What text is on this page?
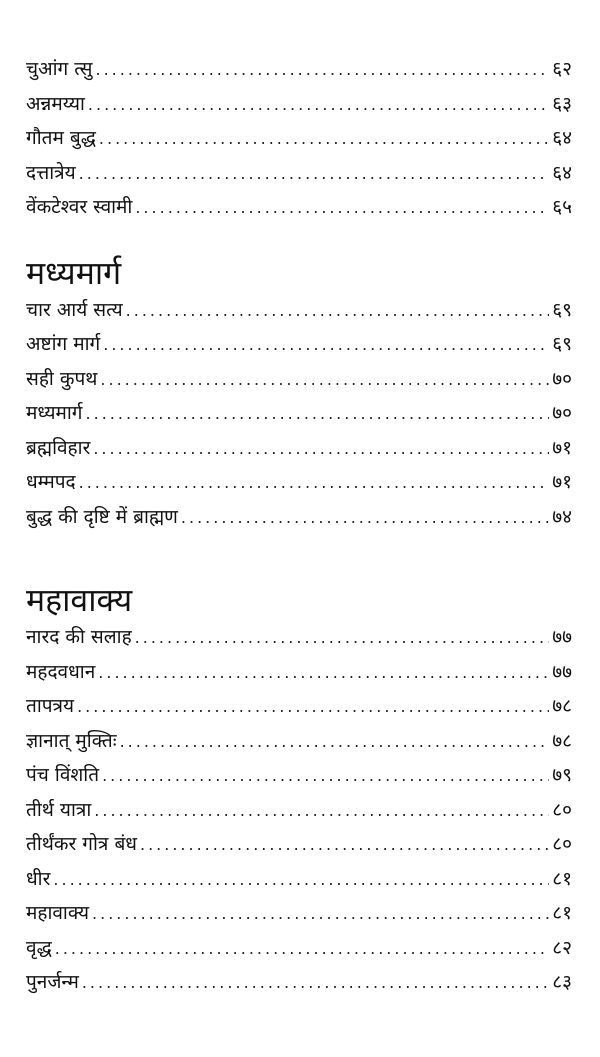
चुआंग त्सु .....	६२
अन्नमय्या .....	६३
गौतम बुद्ध .....	६४
दत्तात्रेय .....	६४
वेंकटेश्वर स्वामी .....	६५
मध्यमार्ग
चार आर्य सत्य .....	६९
अष्टांग मार्ग .....	६९
सही कुपथ .....	७०
मध्यमार्ग .....	७०
ब्रह्मविहार .....	७१
धम्मपद .....	७१
बुद्ध की दृष्टि में ब्राह्मण .....	७४
महावाक्य
नारद की सलाह .....	७७
महदवधान .....	७७
तापत्रय .....	७८
ज्ञानात् मुक्तिः .....	७८
पंच विंशति .....	७९
तीर्थ यात्रा .....	८०
तीर्थंकर गोत्र बंध .....	८०
धीर .....	८१
महावाक्य .....	८१
वृद्ध .....	८२
पुनर्जन्म .....	८३
